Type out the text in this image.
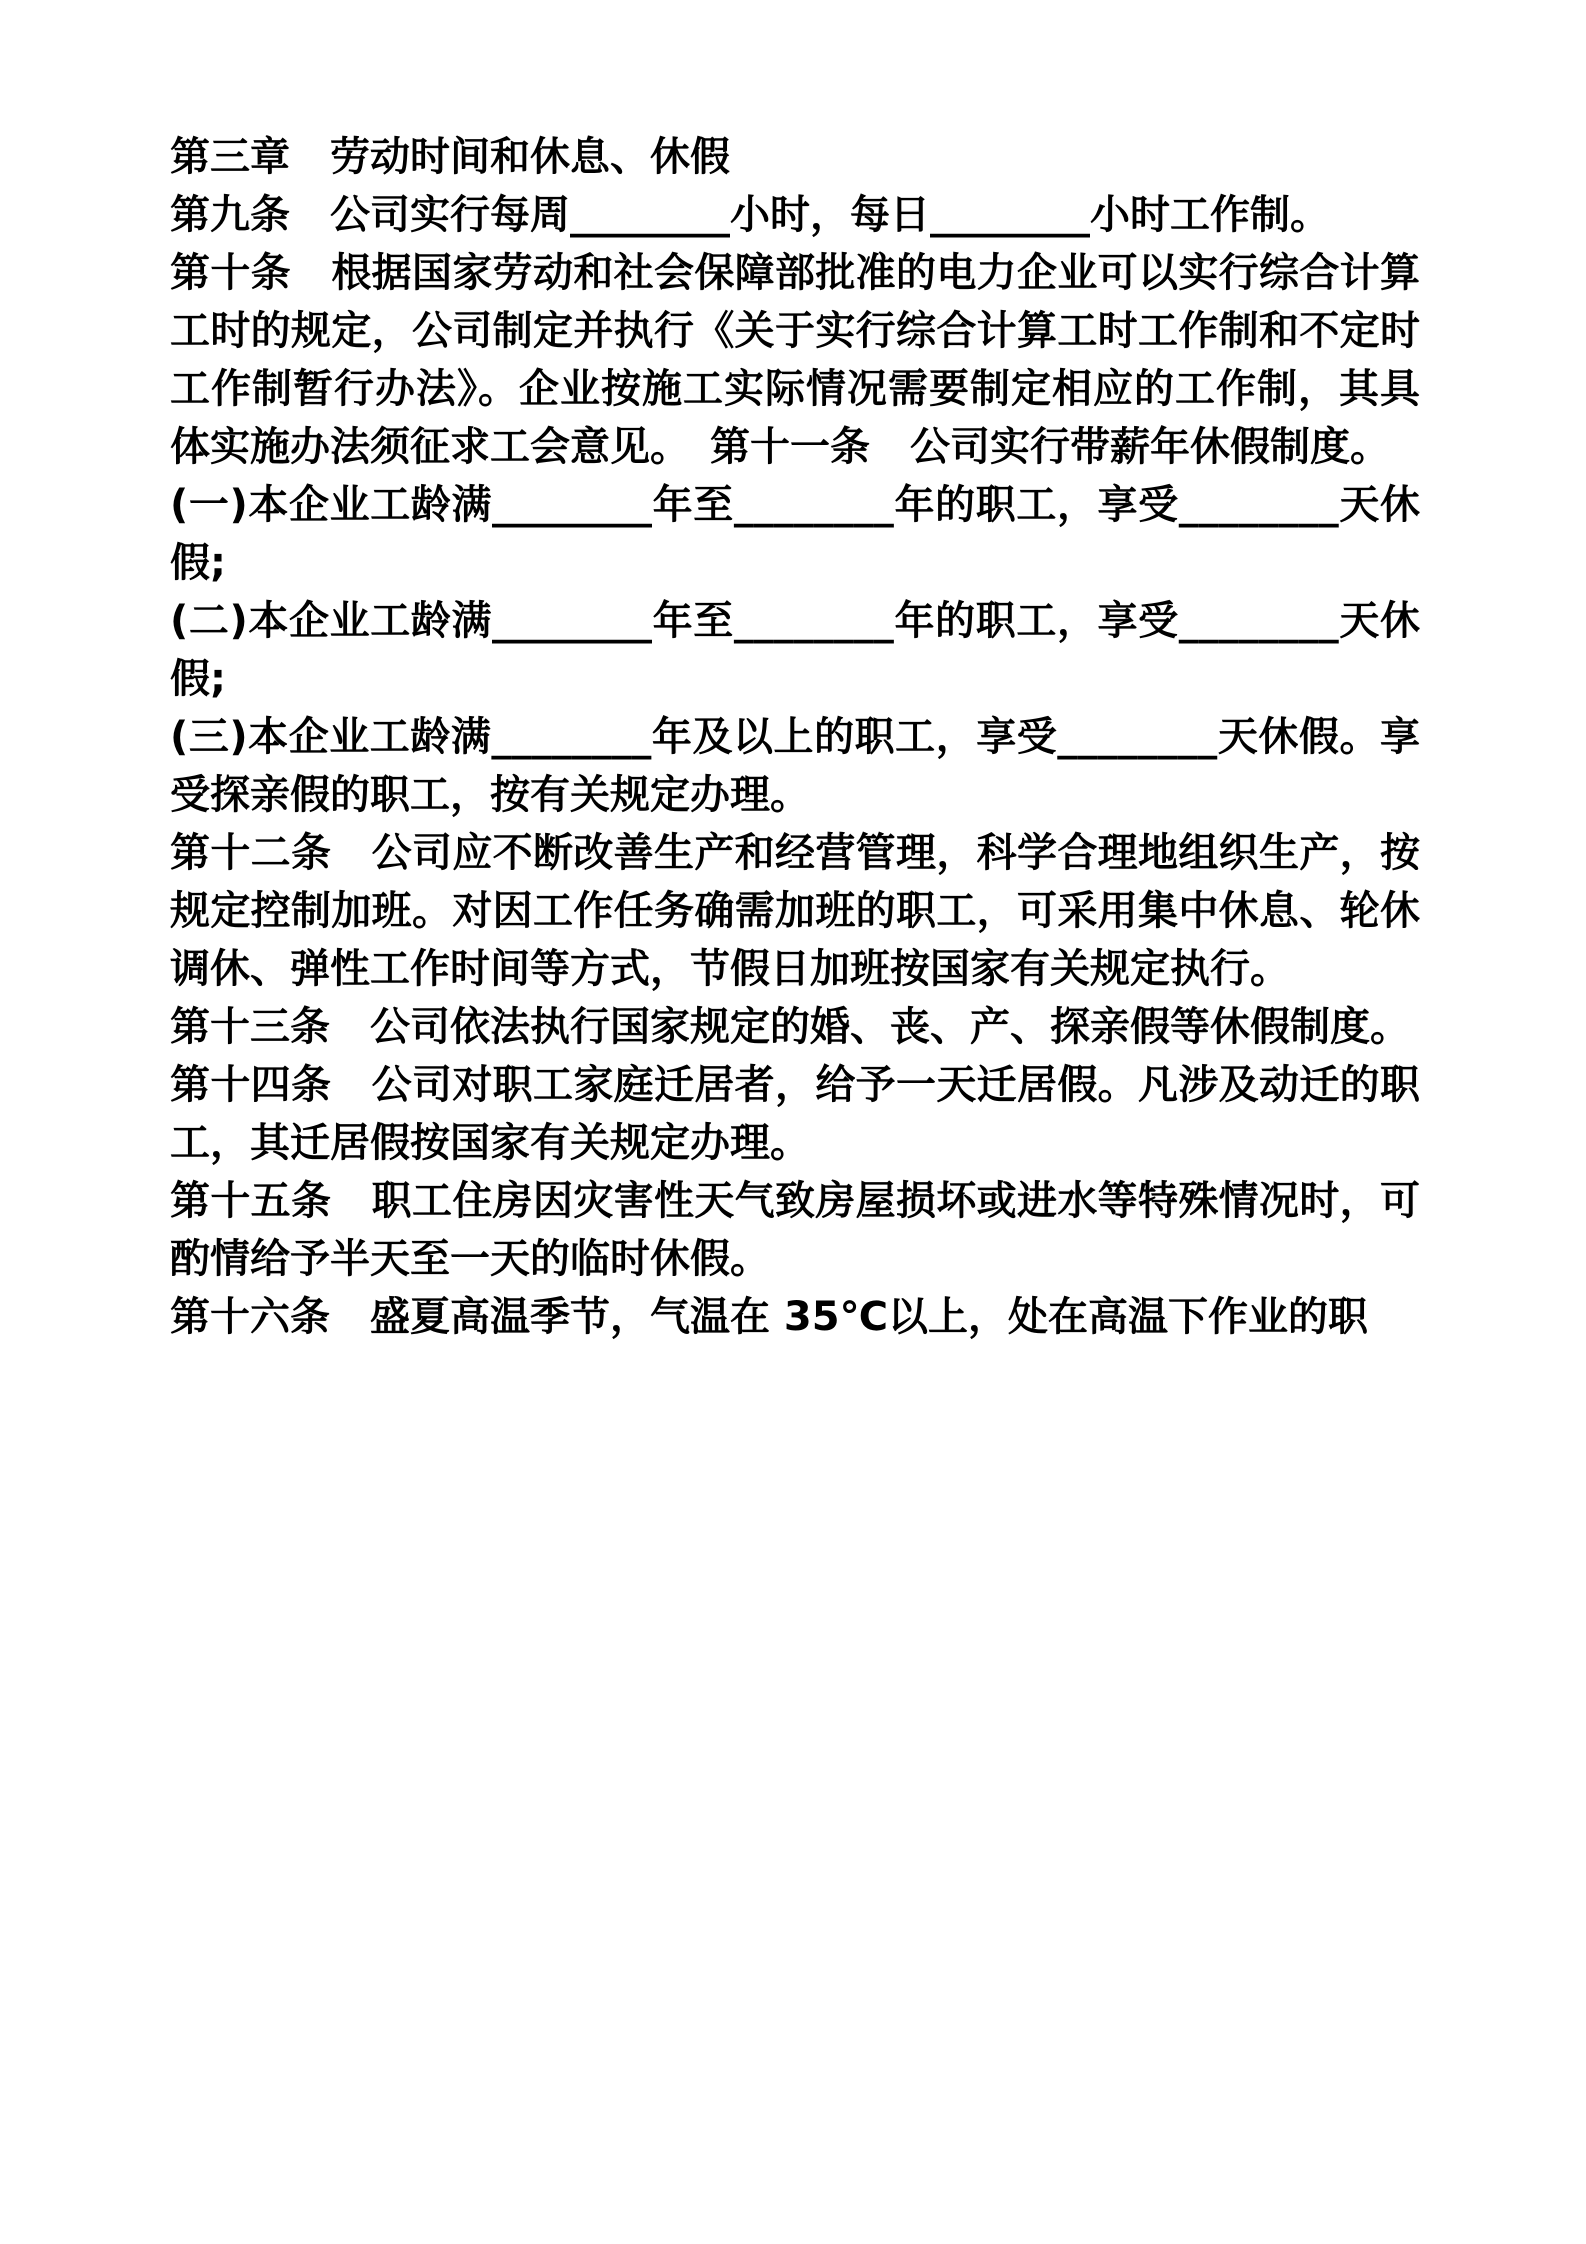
第三章　劳动时间和休息、休假

第九条　公司实行每周________小时，每日________小时工作制。

第十条　根据国家劳动和社会保障部批准的电力企业可以实行综合计算工时的规定，公司制定并执行《关于实行综合计算工时工作制和不定时工作制暂行办法》。企业按施工实际情况需要制定相应的工作制，其具体实施办法须征求工会意见。　第十一条　公司实行带薪年休假制度。

(一)本企业工龄满________年至________年的职工，享受________天休假;

(二)本企业工龄满________年至________年的职工，享受________天休假;

(三)本企业工龄满________年及以上的职工，享受________天休假。享受探亲假的职工，按有关规定办理。

第十二条　公司应不断改善生产和经营管理，科学合理地组织生产，按规定控制加班。对因工作任务确需加班的职工，可采用集中休息、轮休调休、弹性工作时间等方式，节假日加班按国家有关规定执行。

第十三条　公司依法执行国家规定的婚、丧、产、探亲假等休假制度。

第十四条　公司对职工家庭迁居者，给予一天迁居假。凡涉及动迁的职工，其迁居假按国家有关规定办理。

第十五条　职工住房因灾害性天气致房屋损坏或进水等特殊情况时，可酌情给予半天至一天的临时休假。

第十六条　盛夏高温季节，气温在 35℃以上，处在高温下作业的职
